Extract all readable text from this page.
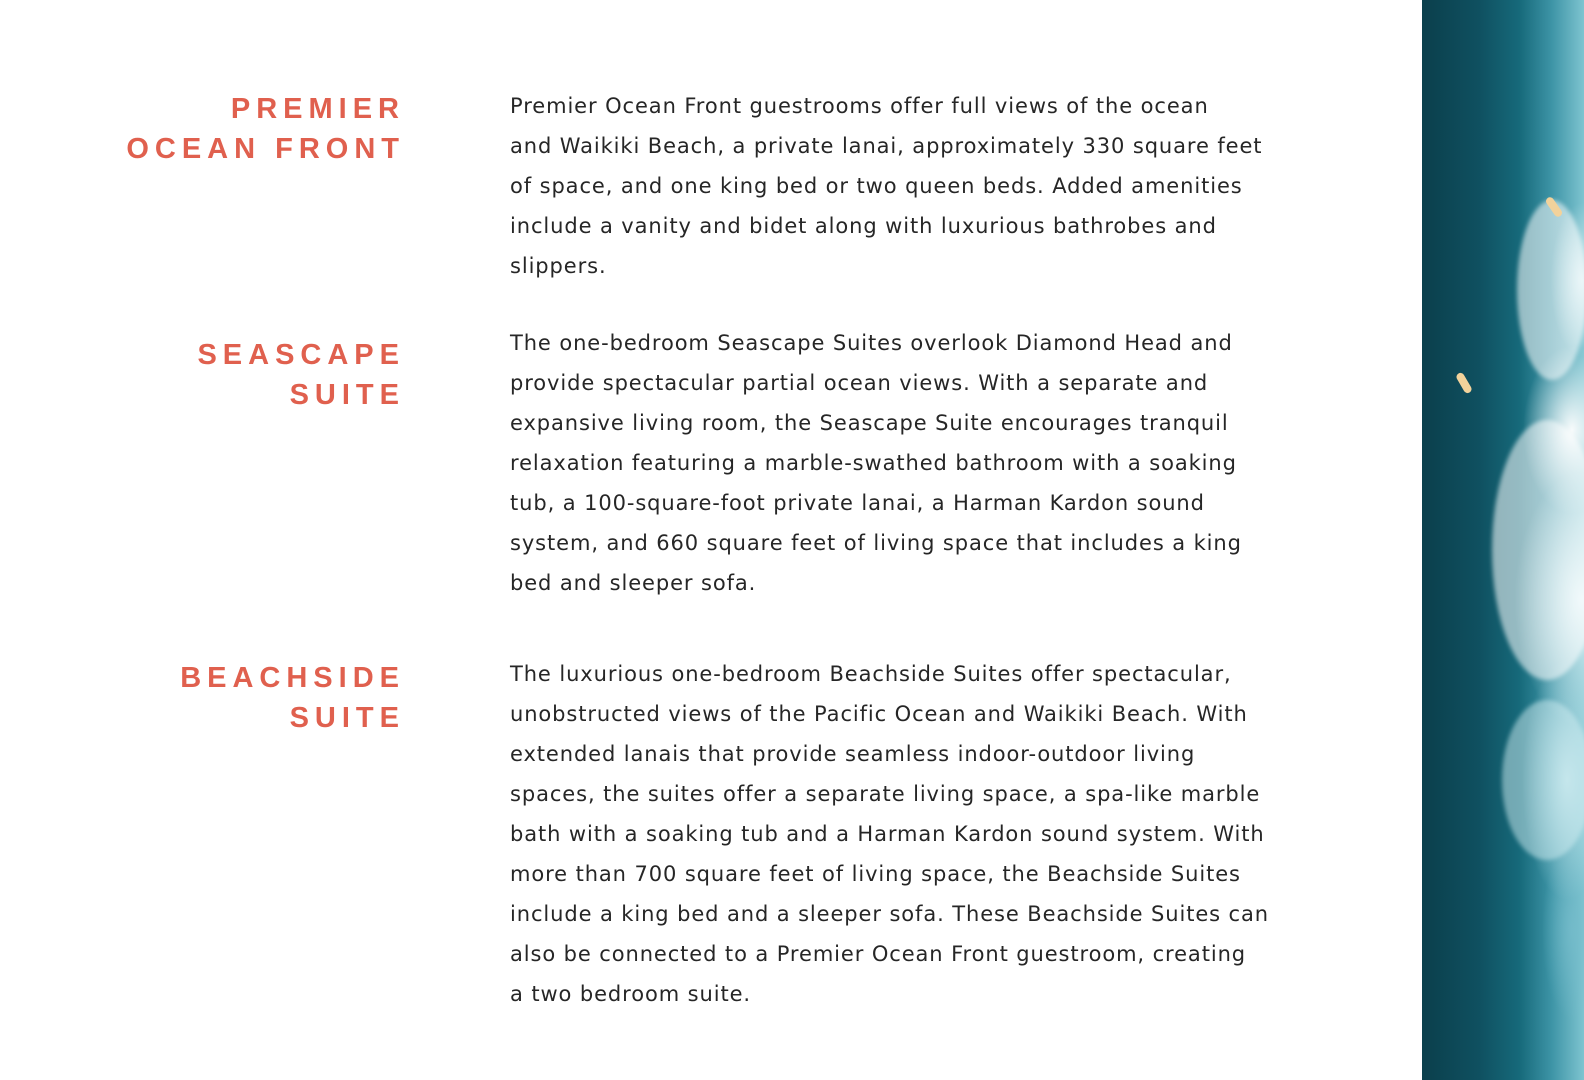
PREMIER
OCEAN FRONT

Premier Ocean Front guestrooms offer full views of the ocean
and Waikiki Beach, a private lanai, approximately 330 square feet
of space, and one king bed or two queen beds. Added amenities
include a vanity and bidet along with luxurious bathrobes and
slippers.

SEASCAPE
SUITE

The one-bedroom Seascape Suites overlook Diamond Head and
provide spectacular partial ocean views. With a separate and
expansive living room, the Seascape Suite encourages tranquil
relaxation featuring a marble-swathed bathroom with a soaking
tub, a 100-square-foot private lanai, a Harman Kardon sound
system, and 660 square feet of living space that includes a king
bed and sleeper sofa.

BEACHSIDE
SUITE

The luxurious one-bedroom Beachside Suites offer spectacular,
unobstructed views of the Pacific Ocean and Waikiki Beach. With
extended lanais that provide seamless indoor-outdoor living
spaces, the suites offer a separate living space, a spa-like marble
bath with a soaking tub and a Harman Kardon sound system. With
more than 700 square feet of living space, the Beachside Suites
include a king bed and a sleeper sofa. These Beachside Suites can
also be connected to a Premier Ocean Front guestroom, creating
a two bedroom suite.
